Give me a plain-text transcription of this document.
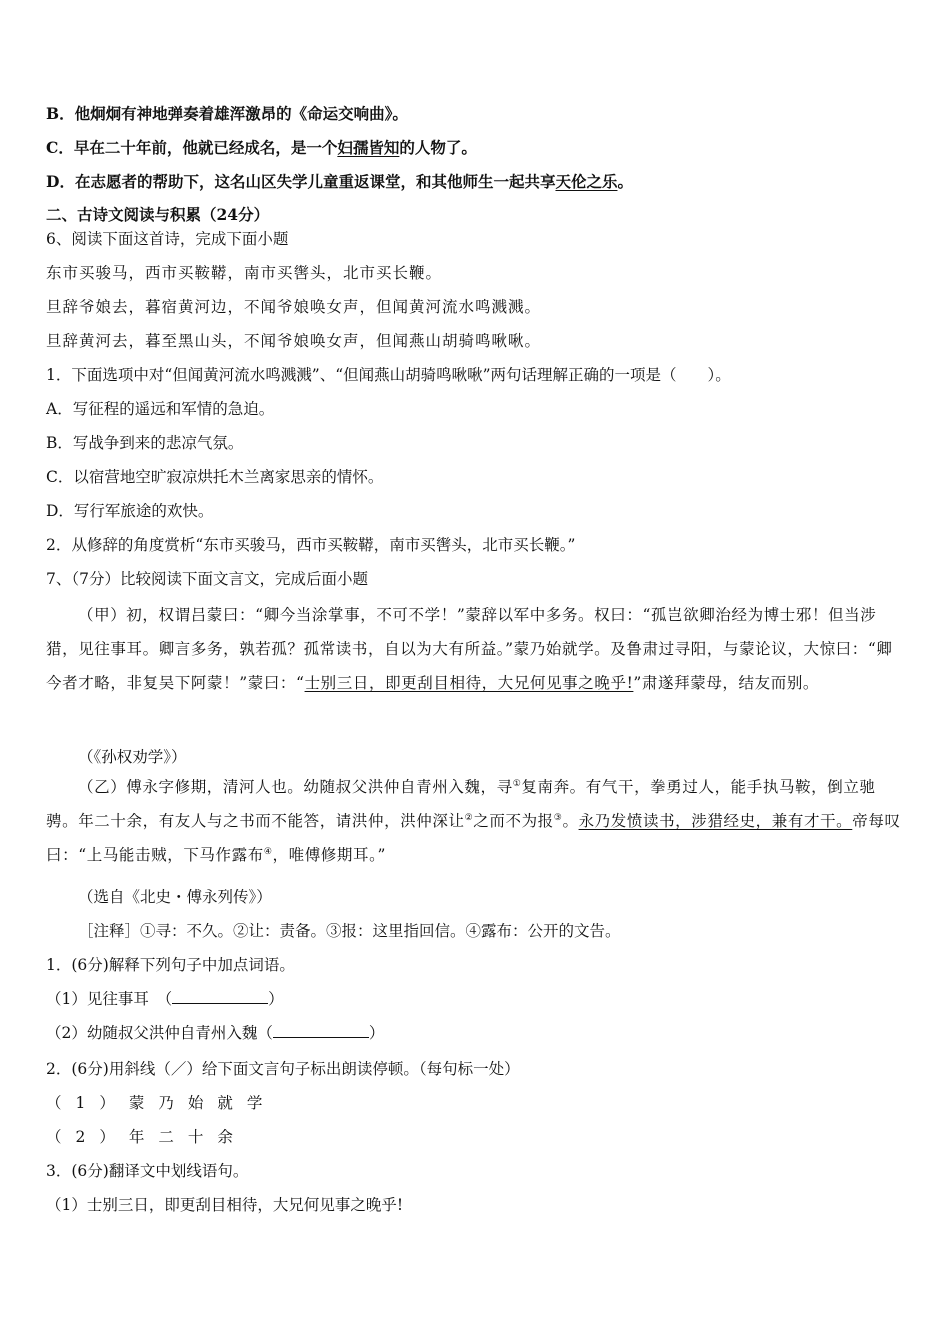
B．他炯炯有神地弹奏着雄浑激昂的《命运交响曲》。
C．早在二十年前，他就已经成名，是一个妇孺皆知的人物了。
D．在志愿者的帮助下，这名山区失学儿童重返课堂，和其他师生一起共享天伦之乐。
二、古诗文阅读与积累（24分）
6、阅读下面这首诗，完成下面小题
东市买骏马，西市买鞍鞯，南市买辔头，北市买长鞭。
旦辞爷娘去，暮宿黄河边，不闻爷娘唤女声，但闻黄河流水鸣溅溅。
旦辞黄河去，暮至黑山头，不闻爷娘唤女声，但闻燕山胡骑鸣啾啾。
1．下面选项中对“但闻黄河流水鸣溅溅”、“但闻燕山胡骑鸣啾啾”两句话理解正确的一项是（　　）。
A．写征程的遥远和军情的急迫。
B．写战争到来的悲凉气氛。
C．以宿营地空旷寂凉烘托木兰离家思亲的情怀。
D．写行军旅途的欢快。
2．从修辞的角度赏析“东市买骏马，西市买鞍鞯，南市买辔头，北市买长鞭。”
7、（7分）比较阅读下面文言文，完成后面小题
（甲）初，权谓吕蒙曰：“卿今当涂掌事，不可不学！”蒙辞以军中多务。权曰：“孤岂欲卿治经为博士邪！但当涉猎，见往事耳。卿言多务，孰若孤？孤常读书，自以为大有所益。”蒙乃始就学。及鲁肃过寻阳，与蒙论议，大惊曰：“卿今者才略，非复吴下阿蒙！”蒙曰：“士别三日，即更刮目相待，大兄何见事之晚乎!”肃遂拜蒙母，结友而别。
（《孙权劝学》）
（乙）傅永字修期，清河人也。幼随叔父洪仲自青州入魏，寻①复南奔。有气干，拳勇过人，能手执马鞍，倒立驰骋。年二十余，有友人与之书而不能答，请洪仲，洪仲深让②之而不为报③。永乃发愤读书，涉猎经史，兼有才干。帝每叹曰：“上马能击贼，下马作露布④，唯傅修期耳。”
（选自《北史・傅永列传》）
［注释］①寻：不久。②让：责备。③报：这里指回信。④露布：公开的文告。
1．(6分)解释下列句子中加点词语。
（1）见往事耳　（	）
（2）幼随叔父洪仲自青州入魏（	）
2．(6分)用斜线（／）给下面文言句子标出朗读停顿。（每句标一处）
（1）蒙乃始就学
（2）年二十余
3．(6分)翻译文中划线语句。
（1）士别三日，即更刮目相待，大兄何见事之晚乎!
